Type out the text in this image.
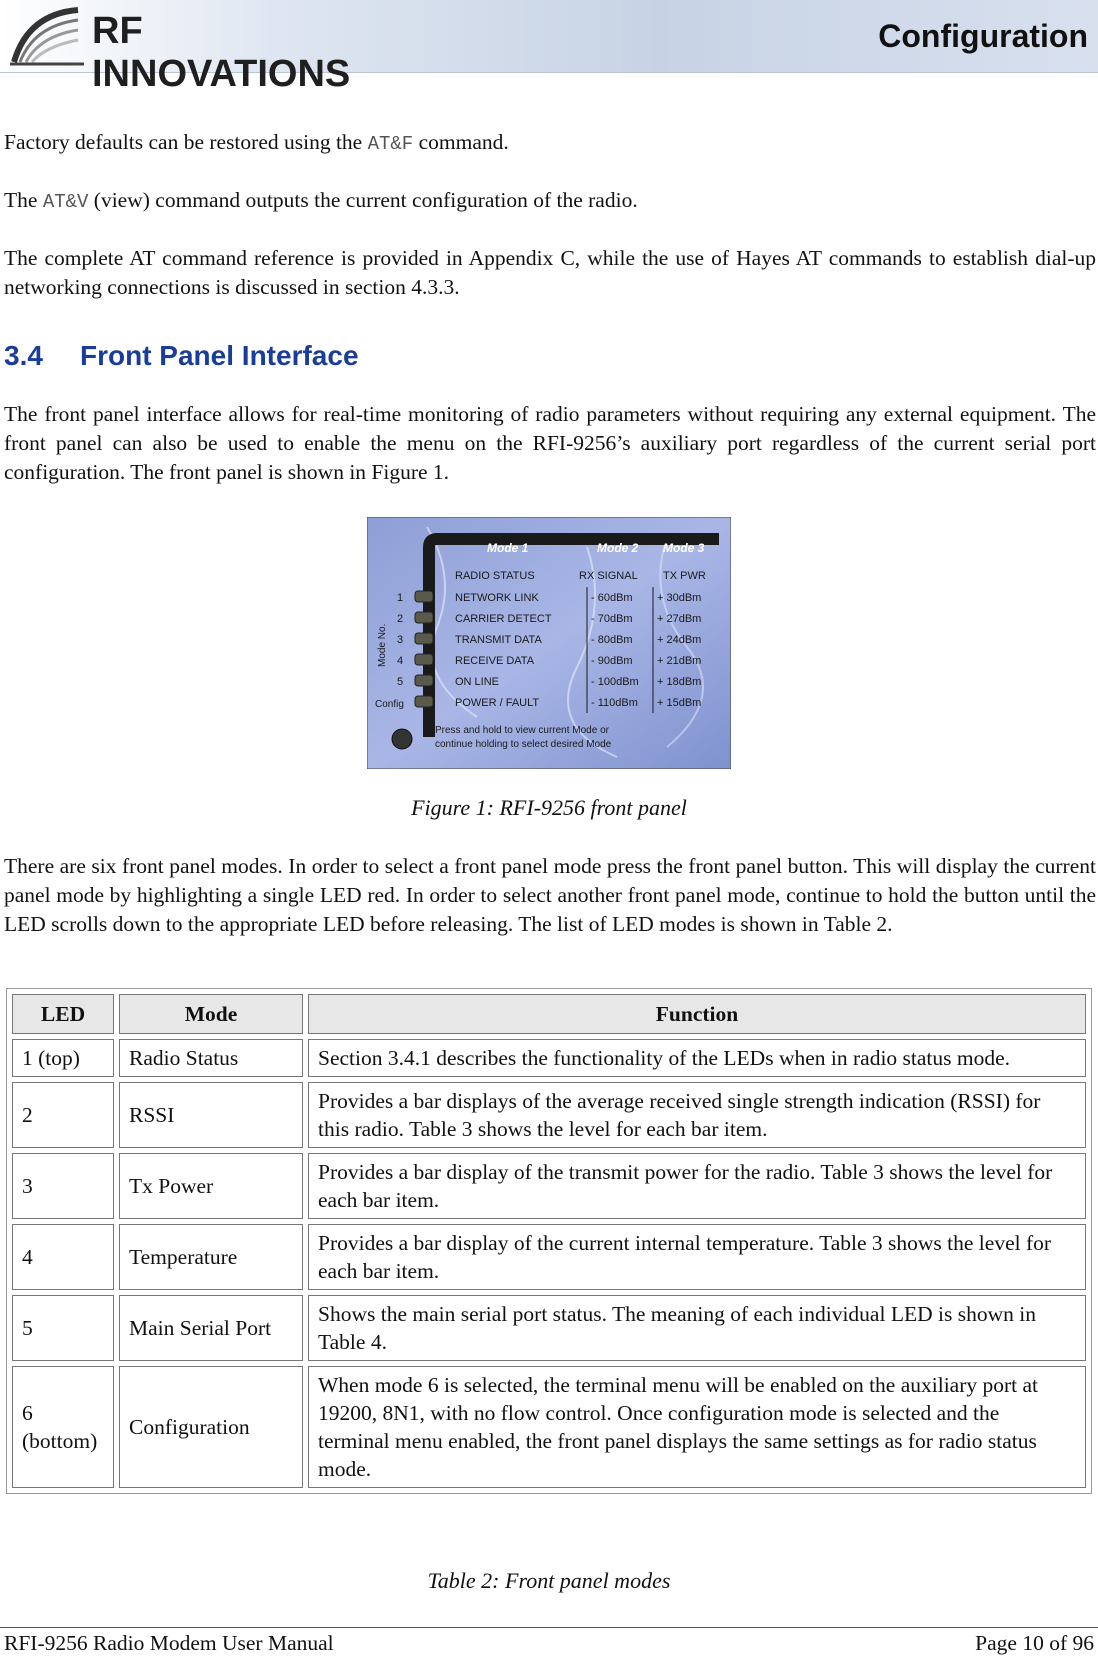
RF INNOVATIONS
Configuration
Factory defaults can be restored using the AT&F command.
The AT&V (view) command outputs the current configuration of the radio.
The complete AT command reference is provided in Appendix C, while the use of Hayes AT commands to establish dial-up networking connections is discussed in section 4.3.3.
3.4 Front Panel Interface
The front panel interface allows for real-time monitoring of radio parameters without requiring any external equipment. The front panel can also be used to enable the menu on the RFI-9256’s auxiliary port regardless of the current serial port configuration. The front panel is shown in Figure 1.
Mode 1	Mode 2 Mode 3
RADIO STATUS	RX SIGNAL TX PWR
Mode No.
Config
1	NETWORK LINK	- 60dBm + 30dBm
2	CARRIER DETECT	- 70dBm + 27dBm
3	TRANSMIT DATA	- 80dBm + 24dBm
4	RECEIVE DATA	- 90dBm + 21dBm
5	ON LINE	- 100dBm + 18dBm
POWER / FAULT	- 110dBm + 15dBm
Press and hold to view current Mode or
continue holding to select desired Mode
Figure 1: RFI-9256 front panel
There are six front panel modes. In order to select a front panel mode press the front panel button. This will display the current panel mode by highlighting a single LED red. In order to select another front panel mode, continue to hold the button until the LED scrolls down to the appropriate LED before releasing. The list of LED modes is shown in Table 2.
LED	Mode	Function
1 (top)	Radio Status	Section 3.4.1 describes the functionality of the LEDs when in radio status mode.
2	RSSI	Provides a bar displays of the average received single strength indication (RSSI) for this radio. Table 3 shows the level for each bar item.
3	Tx Power	Provides a bar display of the transmit power for the radio. Table 3 shows the level for each bar item.
4	Temperature	Provides a bar display of the current internal temperature. Table 3 shows the level for each bar item.
5	Main Serial Port	Shows the main serial port status. The meaning of each individual LED is shown in Table 4.
6 (bottom)	Configuration	When mode 6 is selected, the terminal menu will be enabled on the auxiliary port at 19200, 8N1, with no flow control. Once configuration mode is selected and the terminal menu enabled, the front panel displays the same settings as for radio status mode.
Table 2: Front panel modes
RFI-9256 Radio Modem User Manual	Page 10 of 96
